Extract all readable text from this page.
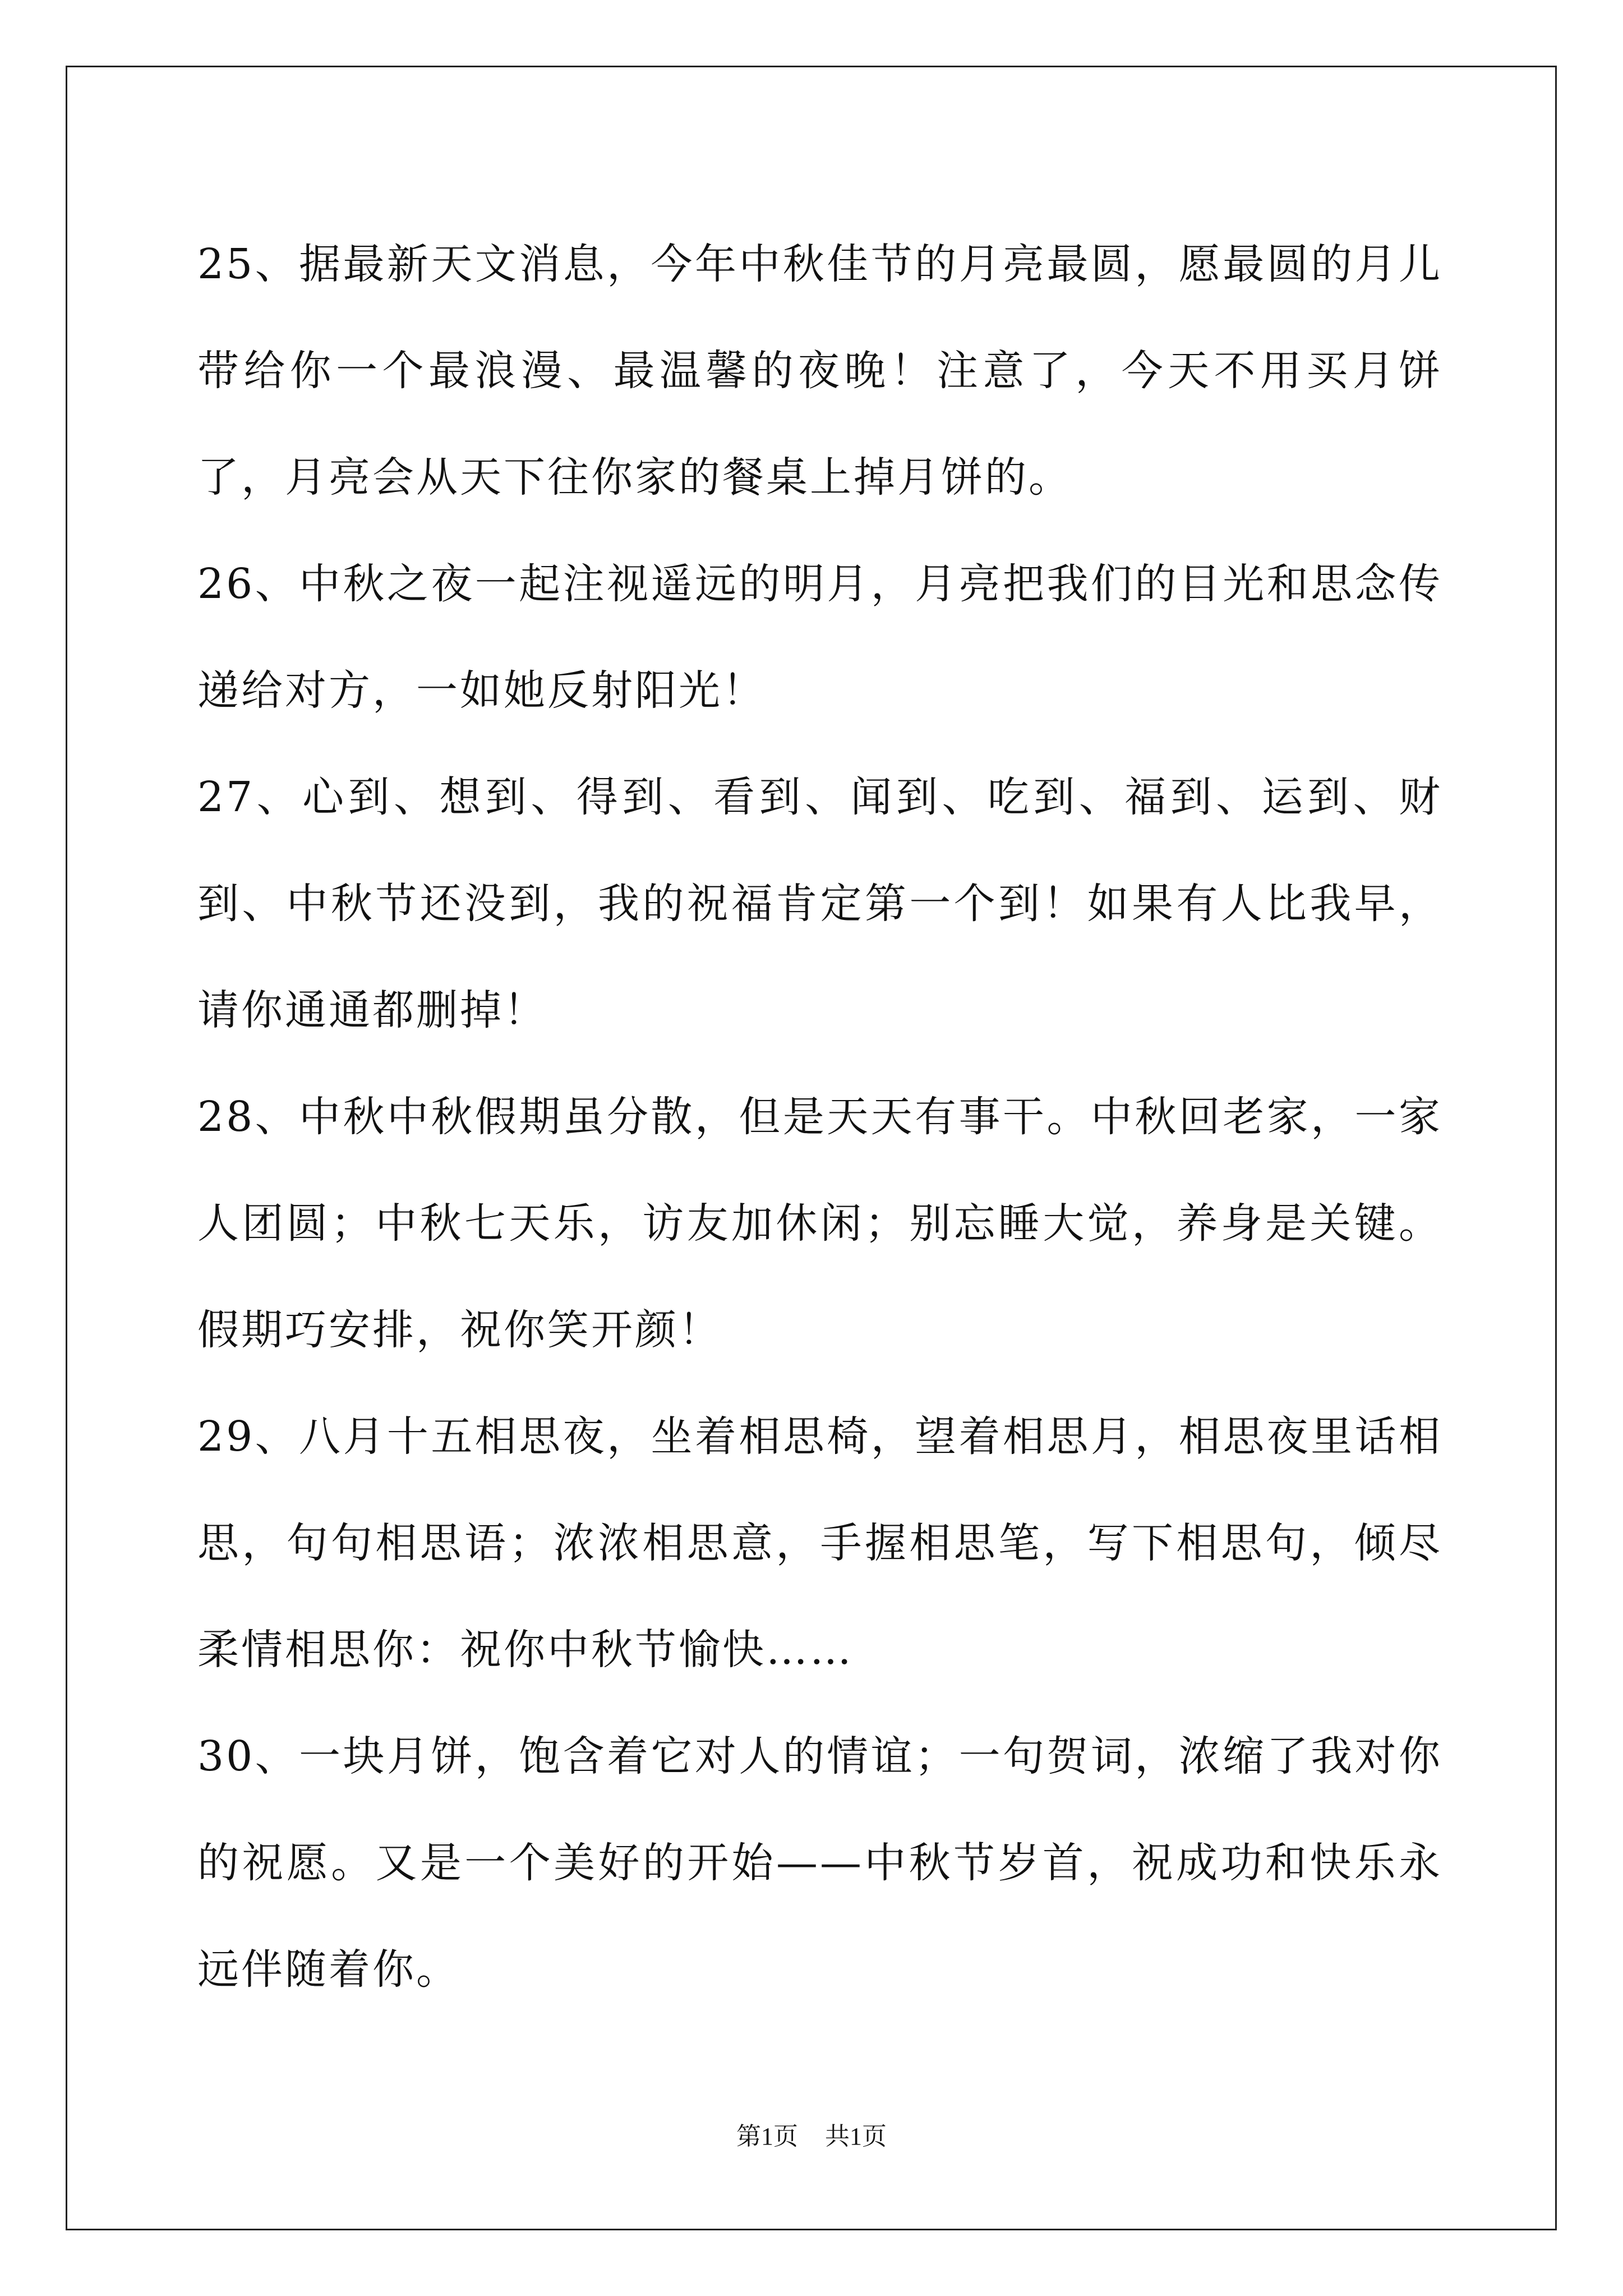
25、据最新天文消息，今年中秋佳节的月亮最圆，愿最圆的月儿带给你一个最浪漫、最温馨的夜晚！注意了，今天不用买月饼了，月亮会从天下往你家的餐桌上掉月饼的。

26、中秋之夜一起注视遥远的明月，月亮把我们的目光和思念传递给对方，一如她反射阳光！

27、心到、想到、得到、看到、闻到、吃到、福到、运到、财到、中秋节还没到，我的祝福肯定第一个到！如果有人比我早，请你通通都删掉！

28、中秋中秋假期虽分散，但是天天有事干。中秋回老家，一家人团圆；中秋七天乐，访友加休闲；别忘睡大觉，养身是关键。假期巧安排，祝你笑开颜！

29、八月十五相思夜，坐着相思椅，望着相思月，相思夜里话相思，句句相思语；浓浓相思意，手握相思笔，写下相思句，倾尽柔情相思你：祝你中秋节愉快……

30、一块月饼，饱含着它对人的情谊；一句贺词，浓缩了我对你的祝愿。又是一个美好的开始——中秋节岁首，祝成功和快乐永远伴随着你。

第1页 共1页
